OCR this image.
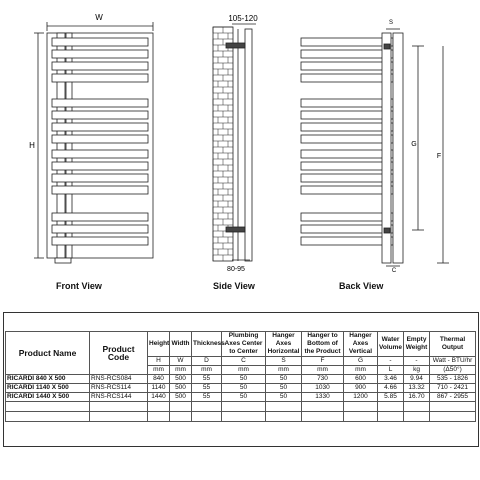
W
H
105-120
80-95
S
G
F
C
Front View	Side View	Back View
Product Name	Product Code	Height	Width	Thickness	Plumbing Axes Center to Center	Hanger Axes Horizontal	Hanger to Bottom of the Product	Hanger Axes Vertical	Water Volume	Empty Weight	Thermal Output
		H	W	D	C	S	F	G	-	-	Watt - BTU/hr
		mm	mm	mm	mm	mm	mm	mm	L	kg	(Δ50°)
RICARDI 840 X 500	RNS-RCS084	840	500	55	50	50	730	600	3.46	9.94	535 - 1826
RICARDI 1140 X 500	RNS-RCS114	1140	500	55	50	50	1030	900	4.66	13.32	710 - 2421
RICARDI 1440 X 500	RNS-RCS144	1440	500	55	50	50	1330	1200	5.85	16.70	867 - 2955
